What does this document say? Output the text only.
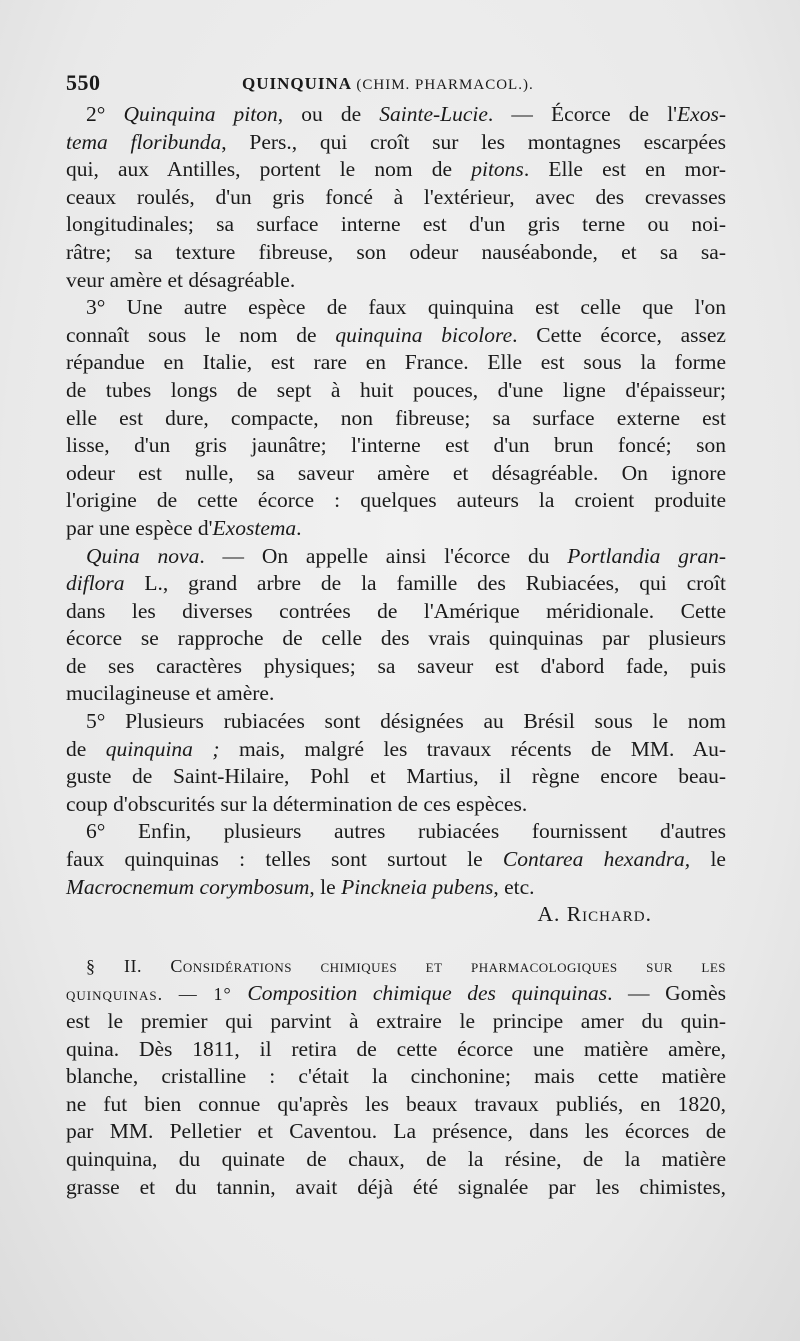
550	QUINQUINA (CHIM. PHARMACOL.).
2° Quinquina piton, ou de Sainte-Lucie. — Écorce de l'Exos-
tema floribunda, Pers., qui croît sur les montagnes escarpées
qui, aux Antilles, portent le nom de pitons. Elle est en mor-
ceaux roulés, d'un gris foncé à l'extérieur, avec des crevasses
longitudinales; sa surface interne est d'un gris terne ou noi-
râtre; sa texture fibreuse, son odeur nauséabonde, et sa sa-
veur amère et désagréable.
3° Une autre espèce de faux quinquina est celle que l'on
connaît sous le nom de quinquina bicolore. Cette écorce, assez
répandue en Italie, est rare en France. Elle est sous la forme
de tubes longs de sept à huit pouces, d'une ligne d'épaisseur;
elle est dure, compacte, non fibreuse; sa surface externe est
lisse, d'un gris jaunâtre; l'interne est d'un brun foncé; son
odeur est nulle, sa saveur amère et désagréable. On ignore
l'origine de cette écorce : quelques auteurs la croient produite
par une espèce d'Exostema.
Quina nova. — On appelle ainsi l'écorce du Portlandia gran-
diflora L., grand arbre de la famille des Rubiacées, qui croît
dans les diverses contrées de l'Amérique méridionale. Cette
écorce se rapproche de celle des vrais quinquinas par plusieurs
de ses caractères physiques; sa saveur est d'abord fade, puis
mucilagineuse et amère.
5° Plusieurs rubiacées sont désignées au Brésil sous le nom
de quinquina ; mais, malgré les travaux récents de MM. Au-
guste de Saint-Hilaire, Pohl et Martius, il règne encore beau-
coup d'obscurités sur la détermination de ces espèces.
6° Enfin, plusieurs autres rubiacées fournissent d'autres
faux quinquinas : telles sont surtout le Contarea hexandra, le
Macrocnemum corymbosum, le Pinckneia pubens, etc.
A. Richard.
§ II. Considérations chimiques et pharmacologiques sur les
quinquinas. — 1° Composition chimique des quinquinas. — Gomès
est le premier qui parvint à extraire le principe amer du quin-
quina. Dès 1811, il retira de cette écorce une matière amère,
blanche, cristalline : c'était la cinchonine; mais cette matière
ne fut bien connue qu'après les beaux travaux publiés, en 1820,
par MM. Pelletier et Caventou. La présence, dans les écorces de
quinquina, du quinate de chaux, de la résine, de la matière
grasse et du tannin, avait déjà été signalée par les chimistes,
